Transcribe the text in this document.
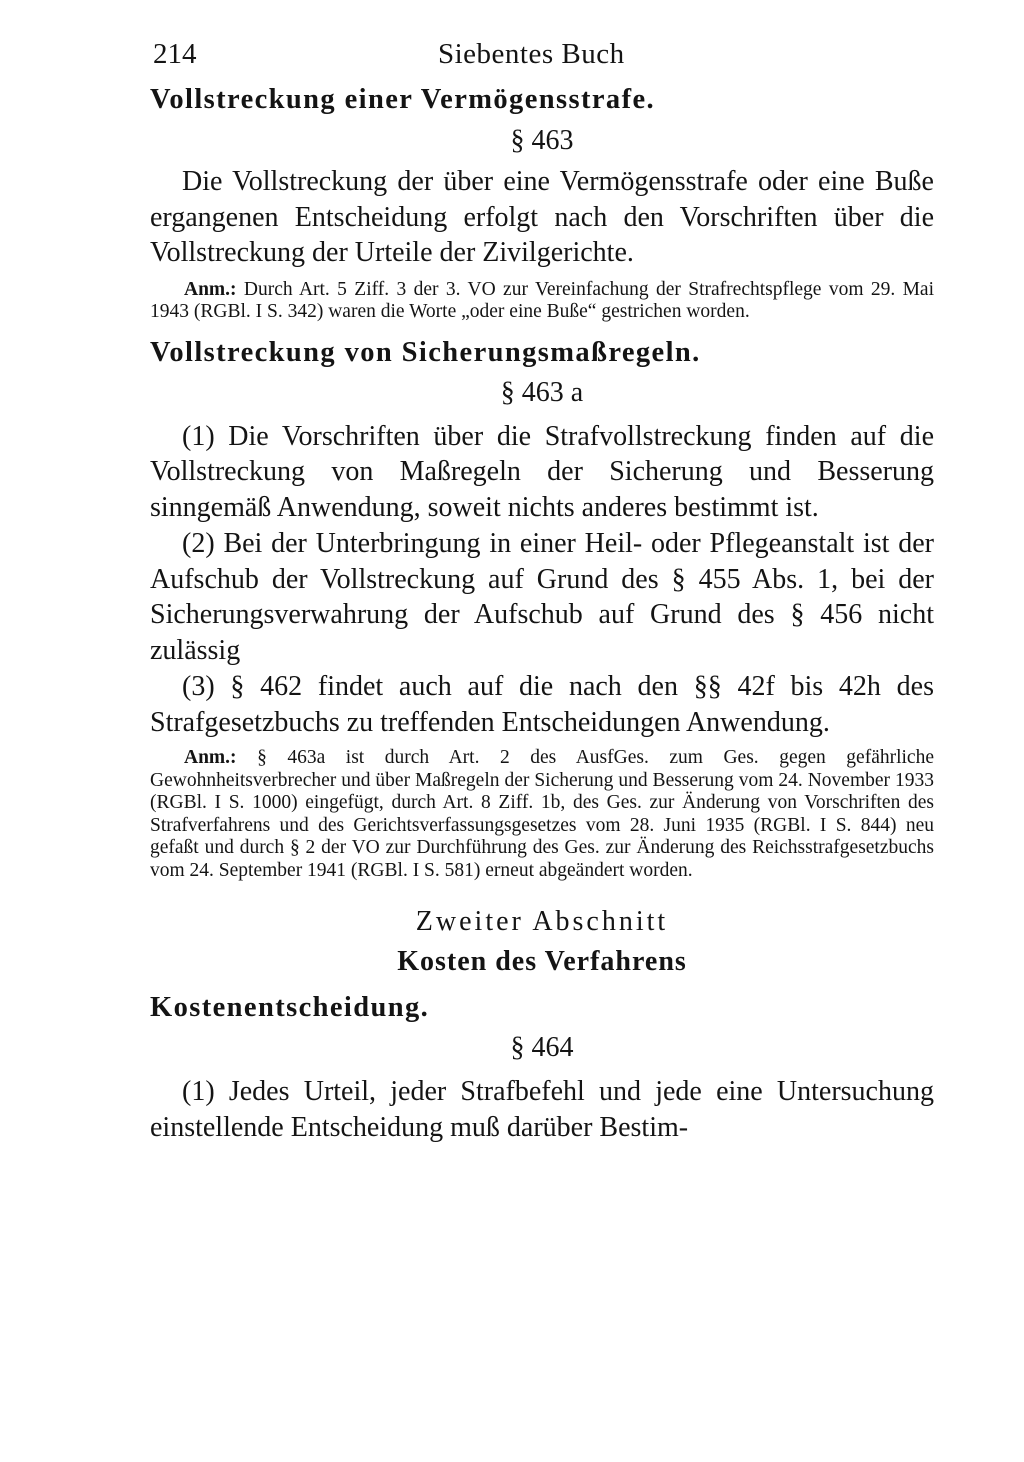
214	Siebentes Buch
Vollstreckung einer Vermögensstrafe.

§ 463

Die Vollstreckung der über eine Vermögensstrafe oder eine Buße ergangenen Entscheidung erfolgt nach den Vorschriften über die Vollstreckung der Urteile der Zivilgerichte.

Anm.: Durch Art. 5 Ziff. 3 der 3. VO zur Vereinfachung der Strafrechtspflege vom 29. Mai 1943 (RGBl. I S. 342) waren die Worte „oder eine Buße“ gestrichen worden.

Vollstreckung von Sicherungsmaßregeln.

§ 463 a

(1) Die Vorschriften über die Strafvollstreckung finden auf die Vollstreckung von Maßregeln der Sicherung und Besserung sinngemäß Anwendung, soweit nichts anderes bestimmt ist.

(2) Bei der Unterbringung in einer Heil- oder Pflegeanstalt ist der Aufschub der Vollstreckung auf Grund des § 455 Abs. 1, bei der Sicherungsverwahrung der Aufschub auf Grund des § 456 nicht zulässig

(3) § 462 findet auch auf die nach den §§ 42f bis 42h des Strafgesetzbuchs zu treffenden Entscheidungen Anwendung.

Anm.: § 463a ist durch Art. 2 des AusfGes. zum Ges. gegen gefährliche Gewohnheitsverbrecher und über Maßregeln der Sicherung und Besserung vom 24. November 1933 (RGBl. I S. 1000) eingefügt, durch Art. 8 Ziff. 1b, des Ges. zur Änderung von Vorschriften des Strafverfahrens und des Gerichtsverfassungsgesetzes vom 28. Juni 1935 (RGBl. I S. 844) neu gefaßt und durch § 2 der VO zur Durchführung des Ges. zur Änderung des Reichsstrafgesetzbuchs vom 24. September 1941 (RGBl. I S. 581) erneut abgeändert worden.

Zweiter Abschnitt

Kosten des Verfahrens

Kostenentscheidung.

§ 464

(1) Jedes Urteil, jeder Strafbefehl und jede eine Untersuchung einstellende Entscheidung muß darüber Bestim-
